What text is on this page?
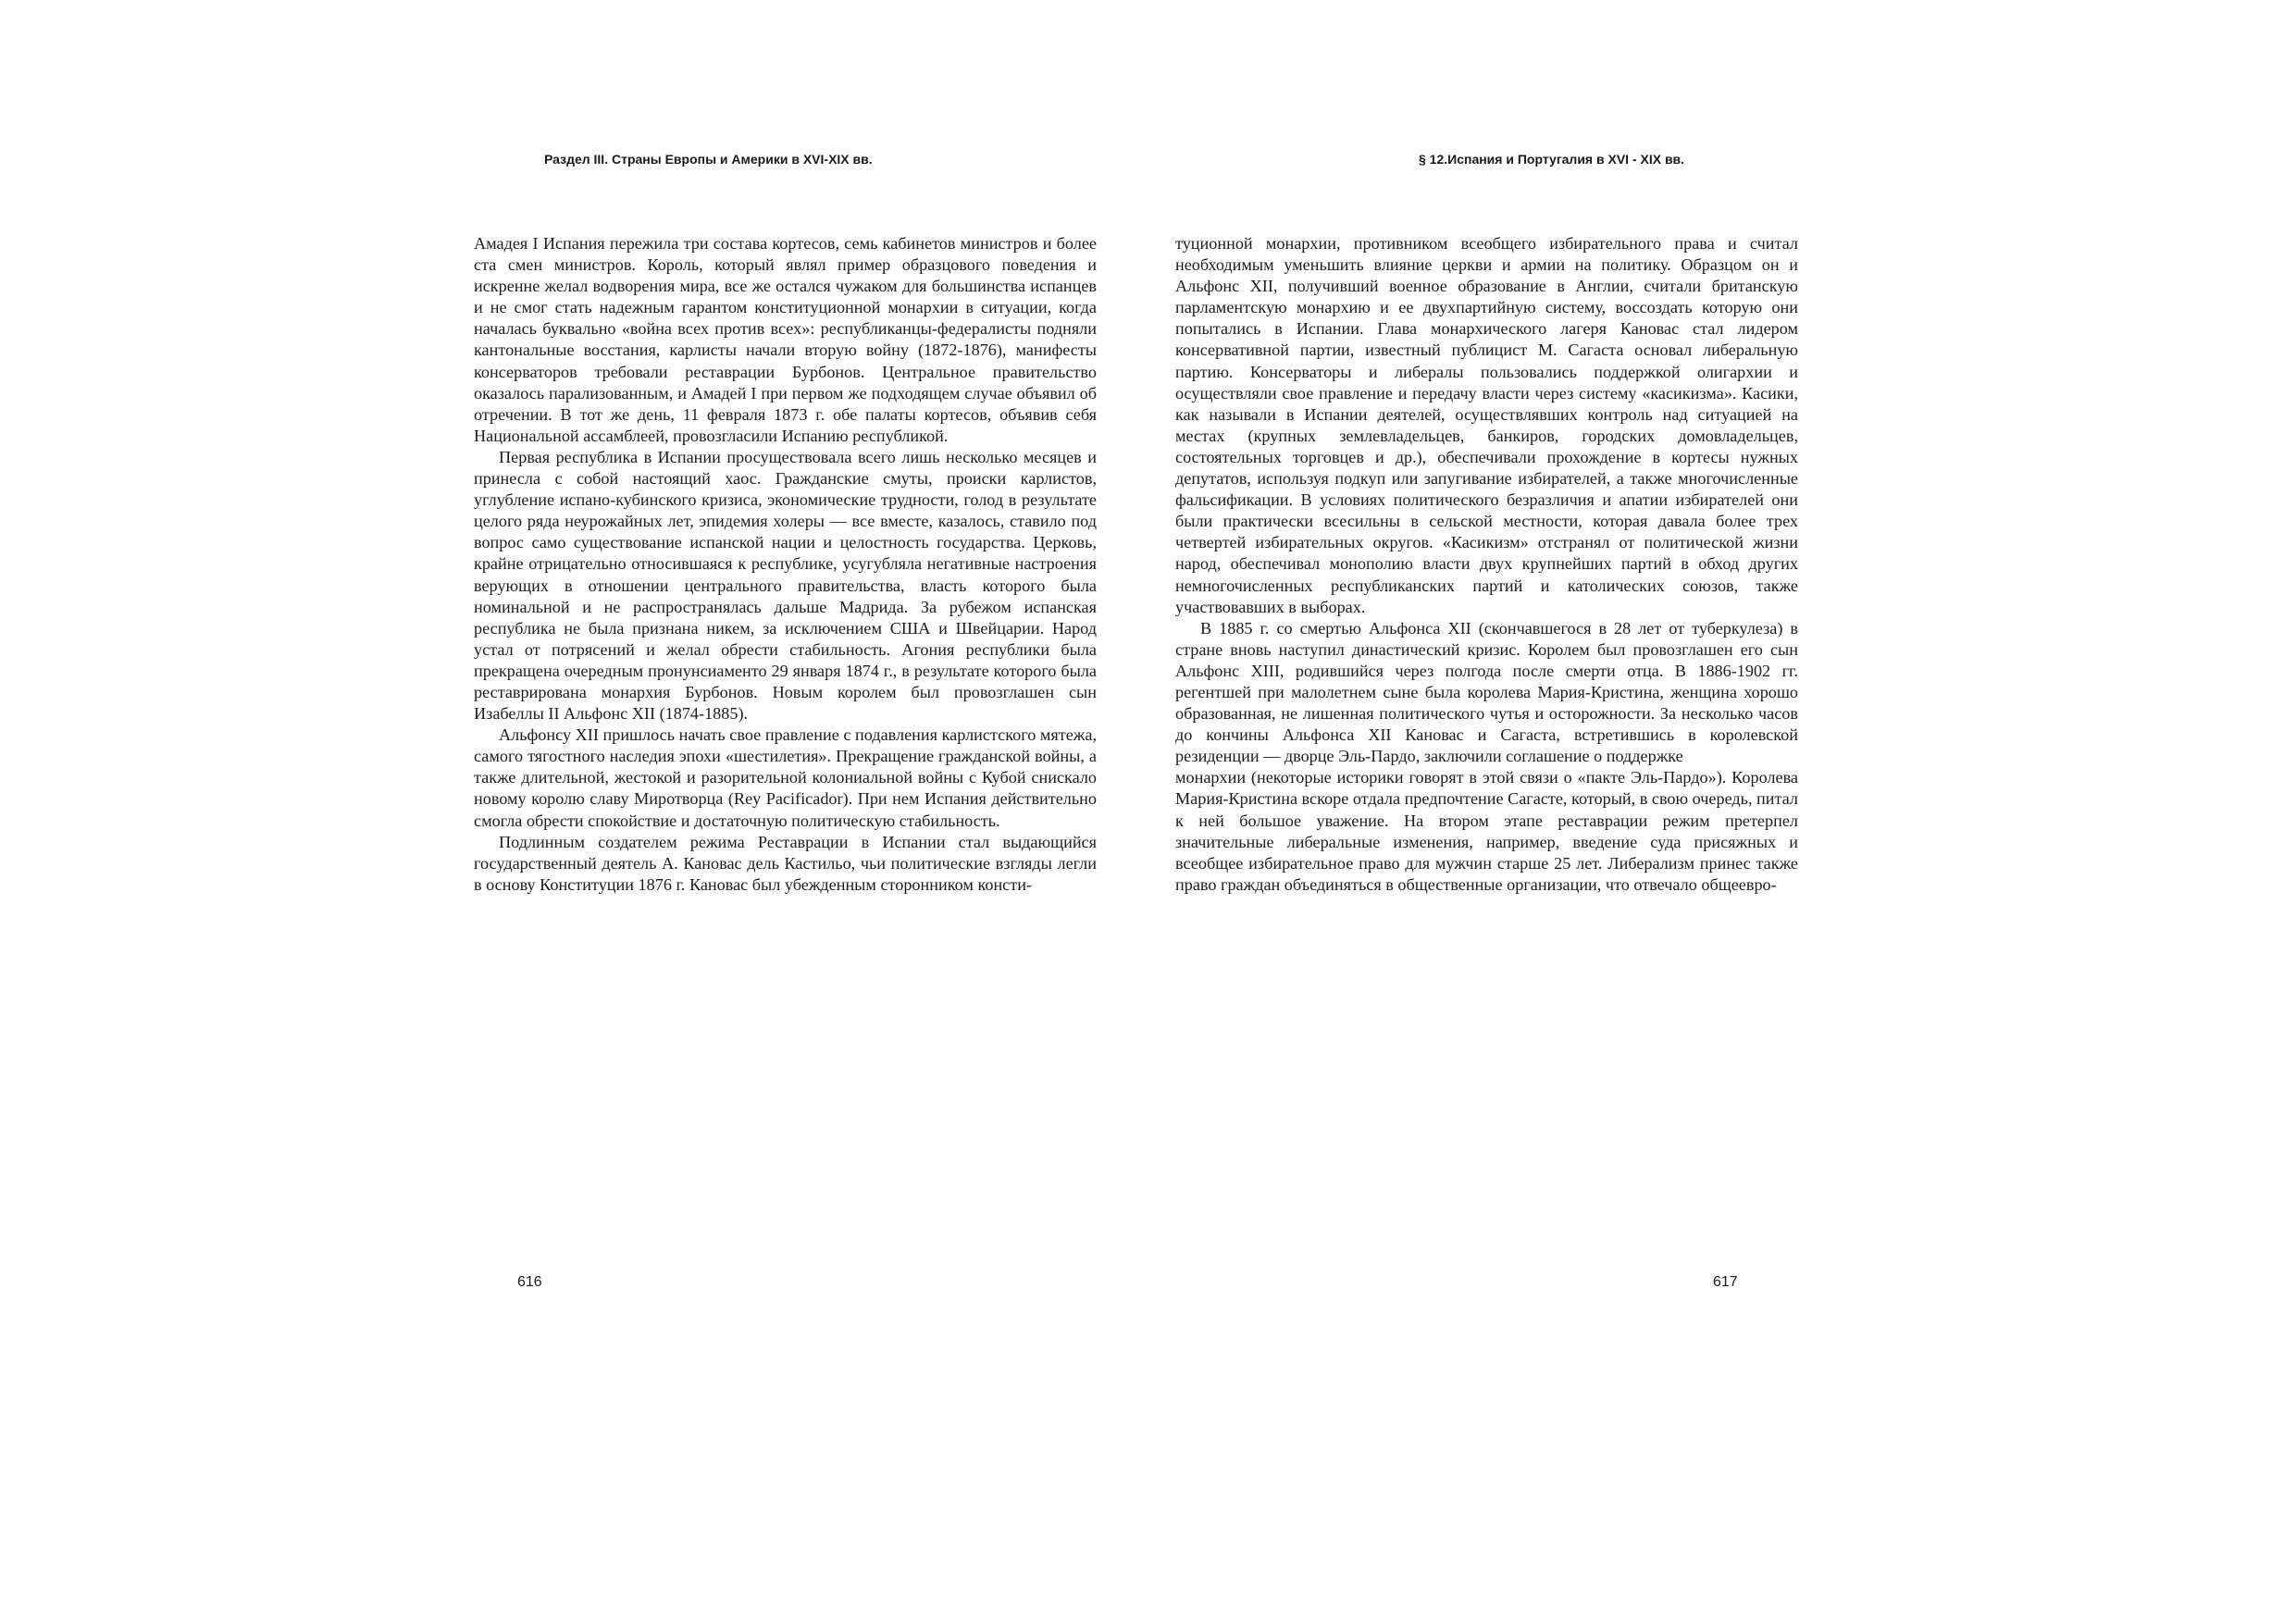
Раздел III. Страны Европы и Америки в XVI-XIX вв.

Амадея I Испания пережила три состава кортесов, семь кабинетов министров и более ста смен министров. Король, который являл пример образцового поведения и искренне желал водворения мира, все же остался чужаком для большинства испанцев и не смог стать надежным гарантом конституционной монархии в ситуации, когда началась буквально «война всех против всех»: республиканцы-федералисты подняли кантональные восстания, карлисты начали вторую войну (1872-1876), манифесты консерваторов требовали реставрации Бурбонов. Центральное правительство оказалось парализованным, и Амадей I при первом же подходящем случае объявил об отречении. В тот же день, 11 февраля 1873 г. обе палаты кортесов, объявив себя Национальной ассамблеей, провозгласили Испанию республикой.

Первая республика в Испании просуществовала всего лишь несколько месяцев и принесла с собой настоящий хаос. Гражданские смуты, происки карлистов, углубление испано-кубинского кризиса, экономические трудности, голод в результате целого ряда неурожайных лет, эпидемия холеры — все вместе, казалось, ставило под вопрос само существование испанской нации и целостность государства. Церковь, крайне отрицательно относившаяся к республике, усугубляла негативные настроения верующих в отношении центрального правительства, власть которого была номинальной и не распространялась дальше Мадрида. За рубежом испанская республика не была признана никем, за исключением США и Швейцарии. Народ устал от потрясений и желал обрести стабильность. Агония республики была прекращена очередным пронунсиаменто 29 января 1874 г., в результате которого была реставрирована монархия Бурбонов. Новым королем был провозглашен сын Изабеллы II Альфонс XII (1874-1885).

Альфонсу XII пришлось начать свое правление с подавления карлистского мятежа, самого тягостного наследия эпохи «шестилетия». Прекращение гражданской войны, а также длительной, жестокой и разорительной колониальной войны с Кубой снискало новому королю славу Миротворца (Rey Pacificador). При нем Испания действительно смогла обрести спокойствие и достаточную политическую стабильность.

Подлинным создателем режима Реставрации в Испании стал выдающийся государственный деятель А. Кановас дель Кастильо, чьи политические взгляды легли в основу Конституции 1876 г. Кановас был убежденным сторонником консти-

616
§ 12.Испания и Португалия в XVI - XIX вв.

туционной монархии, противником всеобщего избирательного права и считал необходимым уменьшить влияние церкви и армии на политику. Образцом он и Альфонс XII, получивший военное образование в Англии, считали британскую парламентскую монархию и ее двухпартийную систему, воссоздать которую они попытались в Испании. Глава монархического лагеря Кановас стал лидером консервативной партии, известный публицист М. Сагаста основал либеральную партию. Консерваторы и либералы пользовались поддержкой олигархии и осуществляли свое правление и передачу власти через систему «касикизма». Касики, как называли в Испании деятелей, осуществлявших контроль над ситуацией на местах (крупных землевладельцев, банкиров, городских домовладельцев, состоятельных торговцев и др.), обеспечивали прохождение в кортесы нужных депутатов, используя подкуп или запугивание избирателей, а также многочисленные фальсификации. В условиях политического безразличия и апатии избирателей они были практически всесильны в сельской местности, которая давала более трех четвертей избирательных округов. «Касикизм» отстранял от политической жизни народ, обеспечивал монополию власти двух крупнейших партий в обход других немногочисленных республиканских партий и католических союзов, также участвовавших в выборах.

В 1885 г. со смертью Альфонса XII (скончавшегося в 28 лет от туберкулеза) в стране вновь наступил династический кризис. Королем был провозглашен его сын Альфонс XIII, родившийся через полгода после смерти отца. В 1886-1902 гг. регентшей при малолетнем сыне была королева Мария-Кристина, женщина хорошо образованная, не лишенная политического чутья и осторожности. За несколько часов до кончины Альфонса XII Кановас и Сагаста, встретившись в королевской резиденции — дворце Эль-Пардо, заключили соглашение о поддержке

монархии (некоторые историки говорят в этой связи о «пакте Эль-Пардо»). Королева Мария-Кристина вскоре отдала предпочтение Сагасте, который, в свою очередь, питал к ней большое уважение. На втором этапе реставрации режим претерпел значительные либеральные изменения, например, введение суда присяжных и всеобщее избирательное право для мужчин старше 25 лет. Либерализм принес также право граждан объединяться в общественные организации, что отвечало общеевро-

617
